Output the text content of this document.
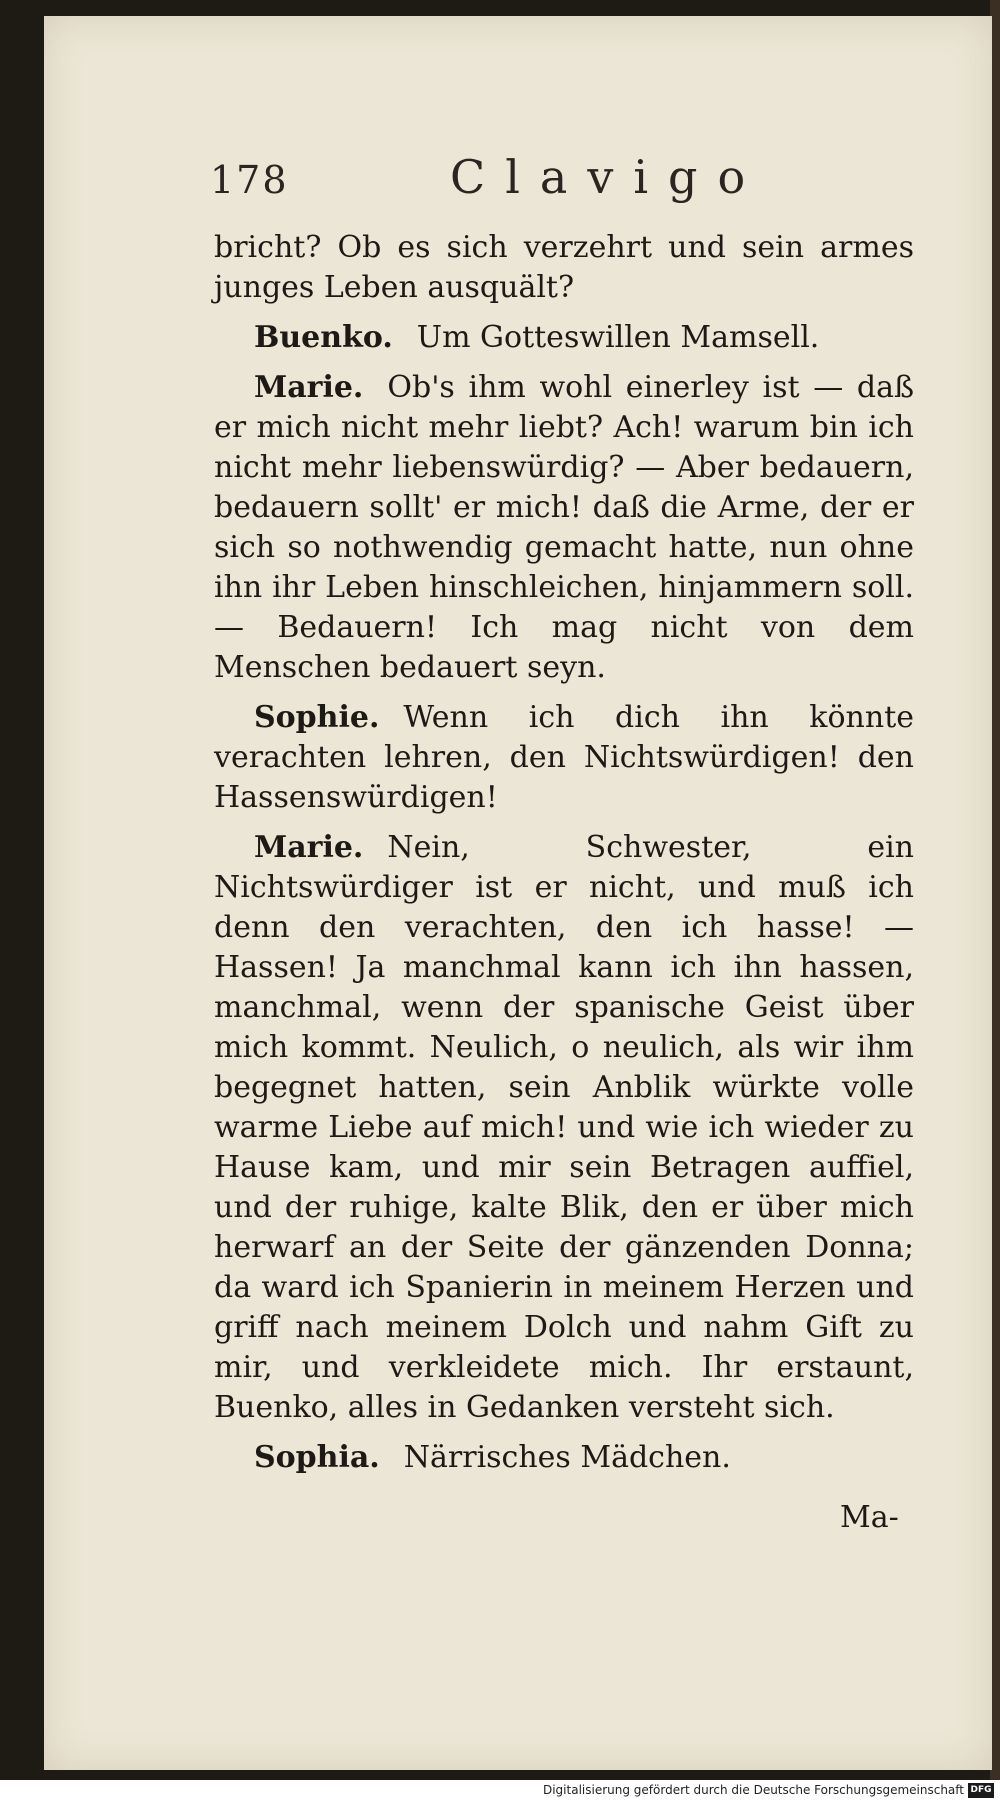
178	Clavigo

bricht? Ob es sich verzehrt und sein armes junges Leben ausquält?

Buenko. Um Gotteswillen Mamsell.

Marie. Ob's ihm wohl einerley ist — daß er mich nicht mehr liebt? Ach! warum bin ich nicht mehr liebenswürdig? — Aber bedauern, bedauern sollt' er mich! daß die Arme, der er sich so nothwendig gemacht hatte, nun ohne ihn ihr Leben hinschleichen, hinjammern soll. — Bedauern! Ich mag nicht von dem Menschen bedauert seyn.

Sophie. Wenn ich dich ihn könnte verachten lehren, den Nichtswürdigen! den Hassenswürdigen!

Marie. Nein, Schwester, ein Nichtswürdiger ist er nicht, und muß ich denn den verachten, den ich hasse! — Hassen! Ja manchmal kann ich ihn hassen, manchmal, wenn der spanische Geist über mich kommt. Neulich, o neulich, als wir ihm begegnet hatten, sein Anblik würkte volle warme Liebe auf mich! und wie ich wieder zu Hause kam, und mir sein Betragen auffiel, und der ruhige, kalte Blik, den er über mich herwarf an der Seite der gänzenden Donna; da ward ich Spanierin in meinem Herzen und griff nach meinem Dolch und nahm Gift zu mir, und verkleidete mich. Ihr erstaunt, Buenko, alles in Gedanken versteht sich.

Sophia. Närrisches Mädchen.

Ma-
Digitalisierung gefördert durch die Deutsche Forschungsgemeinschaft DFG
